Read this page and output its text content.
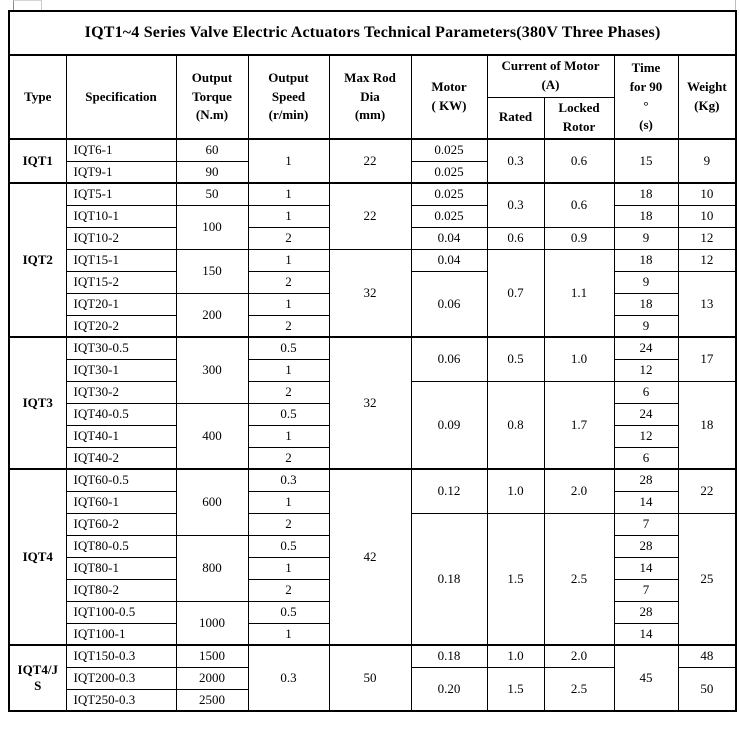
IQT1~4 Series Valve Electric Actuators Technical Parameters(380V Three Phases)									
Type	Specification	Output
Torque
(N.m)	Output
Speed
(r/min)	Max Rod
Dia
(mm)	Motor
( KW)	Current of Motor
(A)		Time
for 90
°
(s)	Weight
(Kg)
						Rated	Locked
Rotor		
IQT1	IQT6-1	60	1	22	0.025	0.3	0.6	15	9
	IQT9-1	90			0.025				
IQT2	IQT5-1	50	1	22	0.025	0.3	0.6	18	10
	IQT10-1	100	1		0.025			18	10
	IQT10-2		2		0.04	0.6	0.9	9	12
	IQT15-1	150	1	32	0.04	0.7	1.1	18	12
	IQT15-2		2		0.06			9	13
	IQT20-1	200	1					18	
	IQT20-2		2					9	
IQT3	IQT30-0.5	300	0.5	32	0.06	0.5	1.0	24	17
	IQT30-1		1					12	
	IQT30-2		2		0.09	0.8	1.7	6	18
	IQT40-0.5	400	0.5					24	
	IQT40-1		1					12	
	IQT40-2		2					6	
IQT4	IQT60-0.5	600	0.3	42	0.12	1.0	2.0	28	22
	IQT60-1		1					14	
	IQT60-2		2		0.18	1.5	2.5	7	25
	IQT80-0.5	800	0.5					28	
	IQT80-1		1					14	
	IQT80-2		2					7	
	IQT100-0.5	1000	0.5					28	
	IQT100-1		1					14	
IQT4/J
S	IQT150-0.3	1500	0.3	50	0.18	1.0	2.0	45	48
	IQT200-0.3	2000			0.20	1.5	2.5		50
	IQT250-0.3	2500							
